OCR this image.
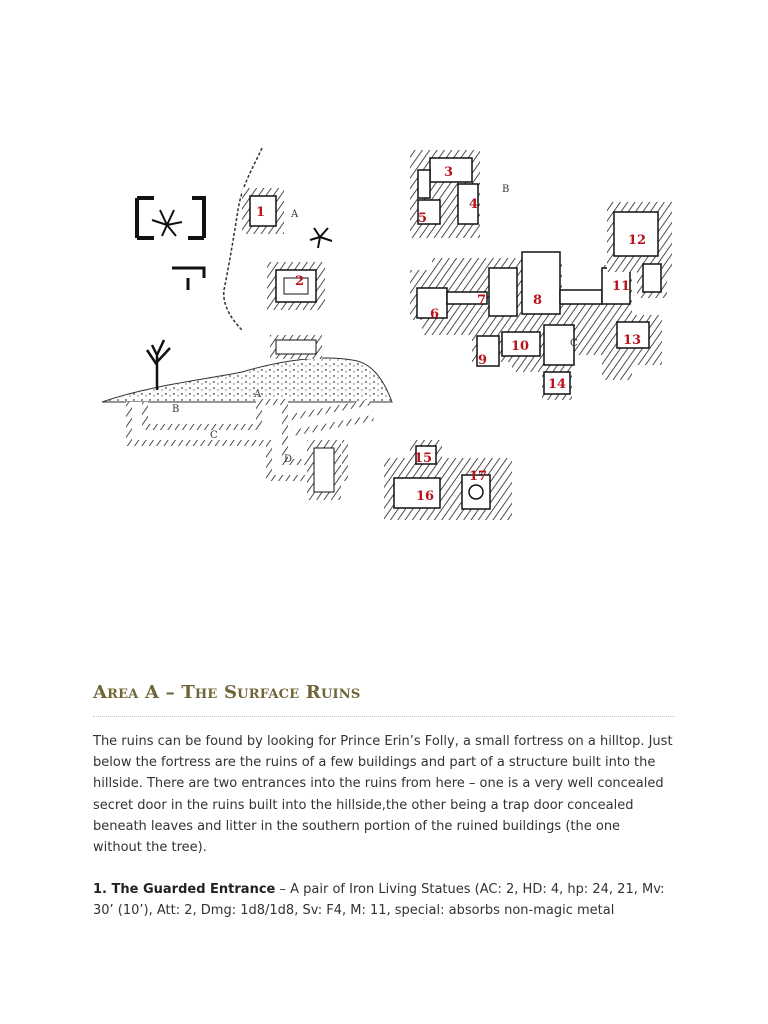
1
2
3
4
5
6
7	8
9
10
11
12
13
14
15
16
17
A
A
B
B
C
C
D
Area A – The Surface Ruins

The ruins can be found by looking for Prince Erin’s Folly, a small fortress on a hilltop. Just below the fortress are the ruins of a few buildings and part of a structure built into the hillside. There are two entrances into the ruins from here – one is a very well concealed secret door in the ruins built into the hillside,the other being a trap door concealed beneath leaves and litter in the southern portion of the ruined buildings (the one without the tree).

1. The Guarded Entrance – A pair of Iron Living Statues (AC: 2, HD: 4, hp: 24, 21, Mv: 30’ (10’), Att: 2, Dmg: 1d8/1d8, Sv: F4, M: 11, special: absorbs non-magic metal
